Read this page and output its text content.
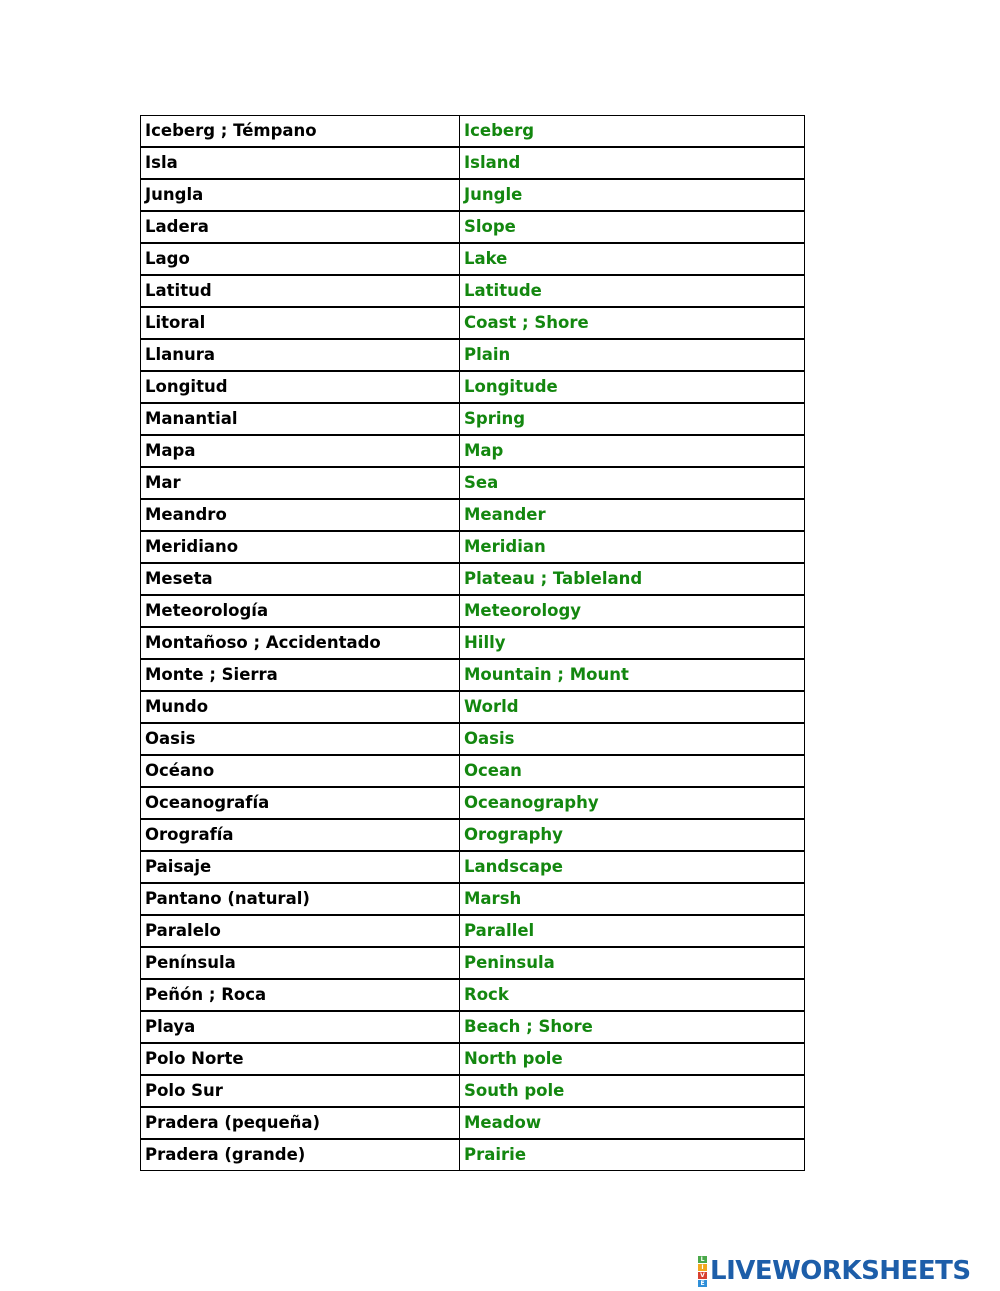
Iceberg ; Témpano	Iceberg
Isla	Island
Jungla	Jungle
Ladera	Slope
Lago	Lake
Latitud	Latitude
Litoral	Coast ; Shore
Llanura	Plain
Longitud	Longitude
Manantial	Spring
Mapa	Map
Mar	Sea
Meandro	Meander
Meridiano	Meridian
Meseta	Plateau ; Tableland
Meteorología	Meteorology
Montañoso ; Accidentado	Hilly
Monte ; Sierra	Mountain ; Mount
Mundo	World
Oasis	Oasis
Océano	Ocean
Oceanografía	Oceanography
Orografía	Orography
Paisaje	Landscape
Pantano (natural)	Marsh
Paralelo	Parallel
Península	Peninsula
Peñón ; Roca	Rock
Playa	Beach ; Shore
Polo Norte	North pole
Polo Sur	South pole
Pradera (pequeña)	Meadow
Pradera (grande)	Prairie
L
I
V
E LIVEWORKSHEETS
